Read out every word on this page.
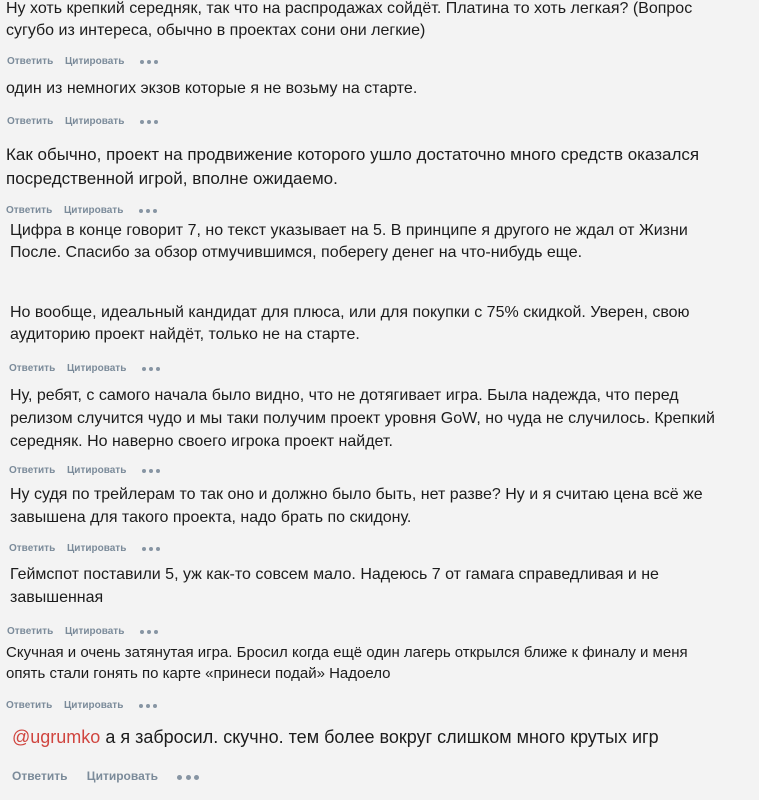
Ну хоть крепкий середняк, так что на распродажах сойдёт. Платина то хоть легкая? (Вопрос
сугубо из интереса, обычно в проектах сони они легкие)
Ответить Цитировать
один из немногих экзов которые я не возьму на старте.
Ответить Цитировать
Как обычно, проект на продвижение которого ушло достаточно много средств оказался
посредственной игрой, вполне ожидаемо.
Ответить Цитировать
Цифра в конце говорит 7, но текст указывает на 5. В принципе я другого не ждал от Жизни
После. Спасибо за обзор отмучившимся, поберегу денег на что-нибудь еще.
Но вообще, идеальный кандидат для плюса, или для покупки с 75% скидкой. Уверен, свою
аудиторию проект найдёт, только не на старте.
Ответить Цитировать
Ну, ребят, с самого начала было видно, что не дотягивает игра. Была надежда, что перед
релизом случится чудо и мы таки получим проект уровня GoW, но чуда не случилось. Крепкий
середняк. Но наверно своего игрока проект найдет.
Ответить Цитировать
Ну судя по трейлерам то так оно и должно было быть, нет разве? Ну и я считаю цена всё же
завышена для такого проекта, надо брать по скидону.
Ответить Цитировать
Геймспот поставили 5, уж как-то совсем мало. Надеюсь 7 от гамага справедливая и не
завышенная
Ответить Цитировать
Скучная и очень затянутая игра. Бросил когда ещё один лагерь открылся ближе к финалу и меня
опять стали гонять по карте «принеси подай» Надоело
Ответить Цитировать
@ugrumko а я забросил. скучно. тем более вокруг слишком много крутых игр
Ответить Цитировать
